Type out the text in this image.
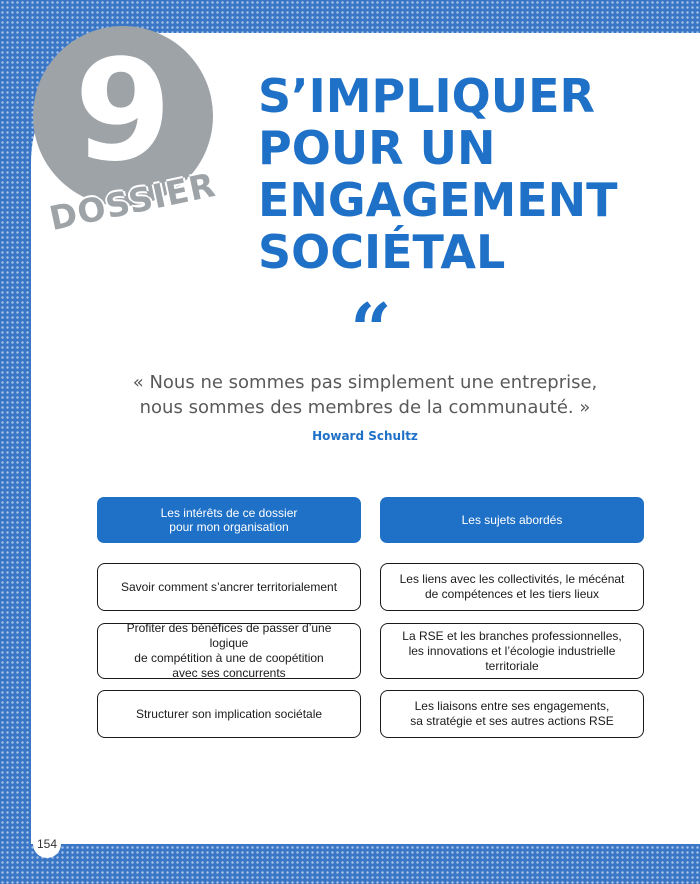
9
DOSSIER
S’IMPLIQUER
POUR UN
ENGAGEMENT
SOCIÉTAL
“
« Nous ne sommes pas simplement une entreprise,
nous sommes des membres de la communauté. »
Howard Schultz
Les intérêts de ce dossier
pour mon organisation
Savoir comment s’ancrer territorialement
Profiter des bénéfices de passer d’une logique
de compétition à une de coopétition
avec ses concurrents
Structurer son implication sociétale
Les sujets abordés
Les liens avec les collectivités, le mécénat
de compétences et les tiers lieux
La RSE et les branches professionnelles,
les innovations et l’écologie industrielle
territoriale
Les liaisons entre ses engagements,
sa stratégie et ses autres actions RSE
154
